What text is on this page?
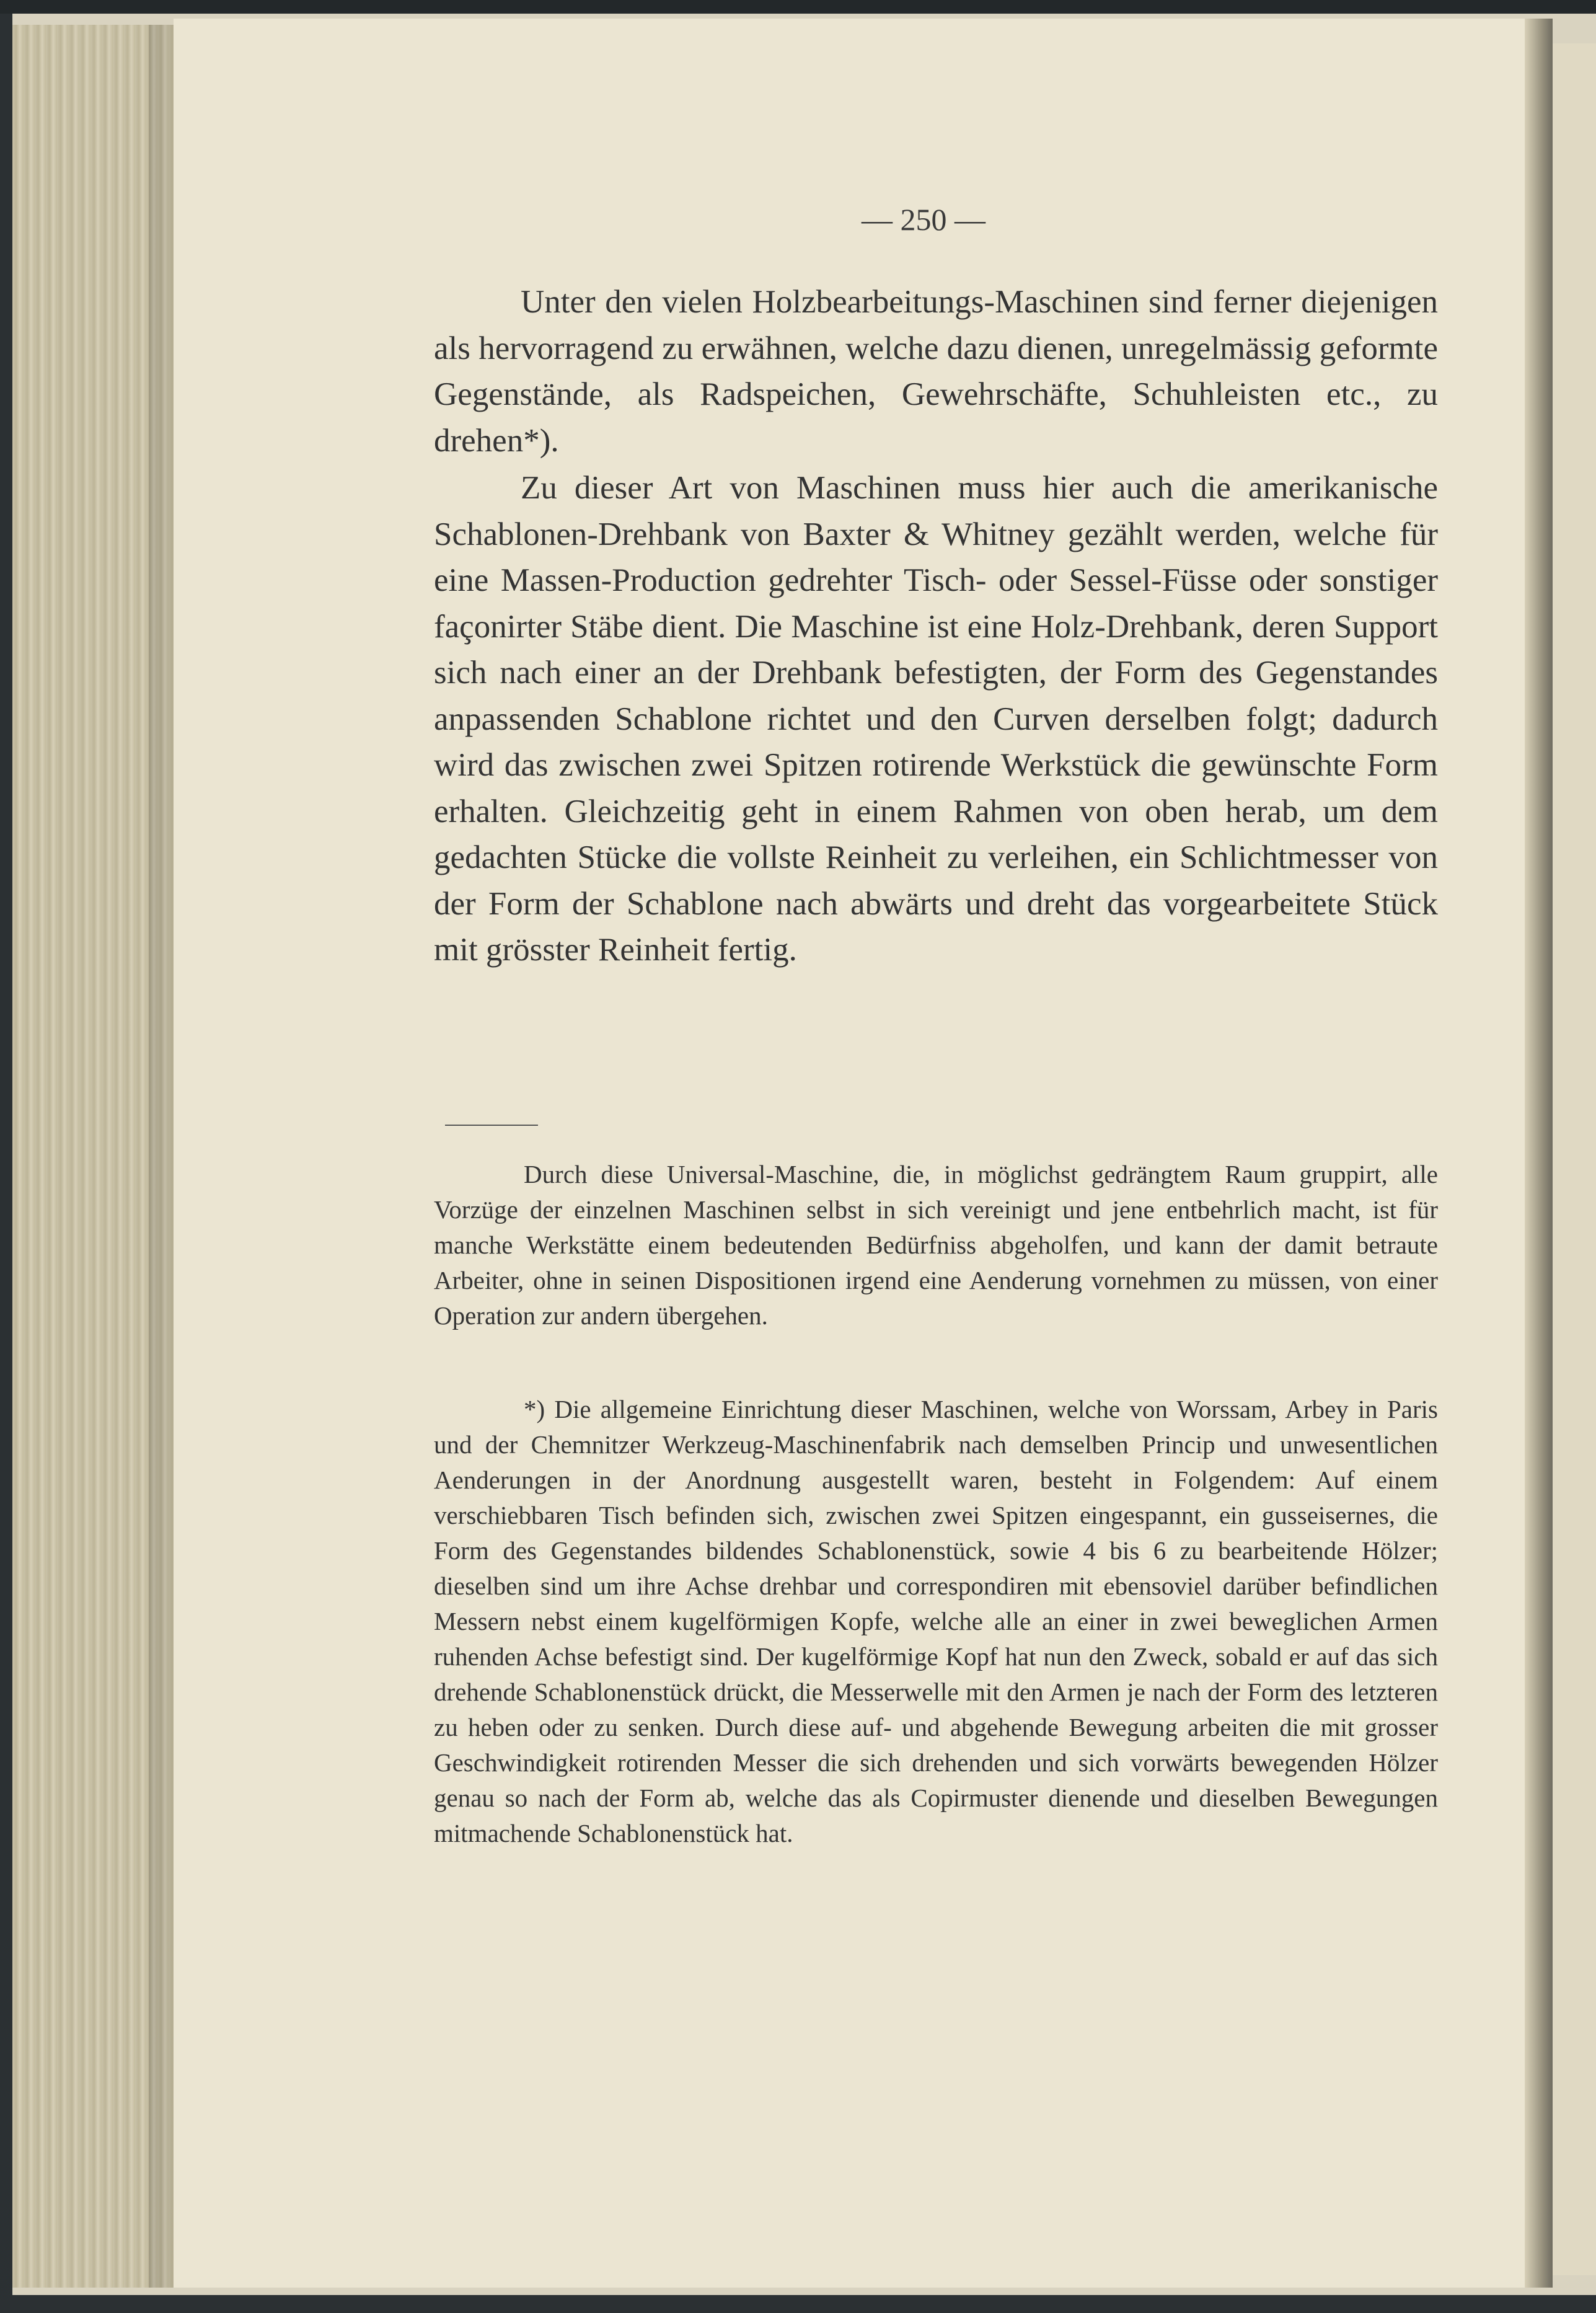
— 250 —

Unter den vielen Holzbearbeitungs-Maschinen sind ferner diejenigen als hervorragend zu erwähnen, welche dazu dienen, unregelmässig geformte Gegenstände, als Radspeichen, Gewehrschäfte, Schuhleisten etc., zu drehen*).

Zu dieser Art von Maschinen muss hier auch die amerikanische Schablonen-Drehbank von Baxter & Whitney gezählt werden, welche für eine Massen-Production gedrehter Tisch- oder Sessel-Füsse oder sonstiger façonirter Stäbe dient. Die Maschine ist eine Holz-Drehbank, deren Support sich nach einer an der Drehbank befestigten, der Form des Gegenstandes anpassenden Schablone richtet und den Curven derselben folgt; dadurch wird das zwischen zwei Spitzen rotirende Werkstück die gewünschte Form erhalten. Gleichzeitig geht in einem Rahmen von oben herab, um dem gedachten Stücke die vollste Reinheit zu verleihen, ein Schlichtmesser von der Form der Schablone nach abwärts und dreht das vorgearbeitete Stück mit grösster Reinheit fertig.

Durch diese Universal-Maschine, die, in möglichst gedrängtem Raum gruppirt, alle Vorzüge der einzelnen Maschinen selbst in sich vereinigt und jene entbehrlich macht, ist für manche Werkstätte einem bedeutenden Bedürfniss abgeholfen, und kann der damit betraute Arbeiter, ohne in seinen Dispositionen irgend eine Aenderung vornehmen zu müssen, von einer Operation zur andern übergehen.

*) Die allgemeine Einrichtung dieser Maschinen, welche von Worssam, Arbey in Paris und der Chemnitzer Werkzeug-Maschinenfabrik nach demselben Princip und unwesentlichen Aenderungen in der Anordnung ausgestellt waren, besteht in Folgendem: Auf einem verschiebbaren Tisch befinden sich, zwischen zwei Spitzen eingespannt, ein gusseisernes, die Form des Gegenstandes bildendes Schablonenstück, sowie 4 bis 6 zu bearbeitende Hölzer; dieselben sind um ihre Achse drehbar und correspondiren mit ebensoviel darüber befindlichen Messern nebst einem kugelförmigen Kopfe, welche alle an einer in zwei beweglichen Armen ruhenden Achse befestigt sind. Der kugelförmige Kopf hat nun den Zweck, sobald er auf das sich drehende Schablonenstück drückt, die Messerwelle mit den Armen je nach der Form des letzteren zu heben oder zu senken. Durch diese auf- und abgehende Bewegung arbeiten die mit grosser Geschwindigkeit rotirenden Messer die sich drehenden und sich vorwärts bewegenden Hölzer genau so nach der Form ab, welche das als Copirmuster dienende und dieselben Bewegungen mitmachende Schablonenstück hat.
